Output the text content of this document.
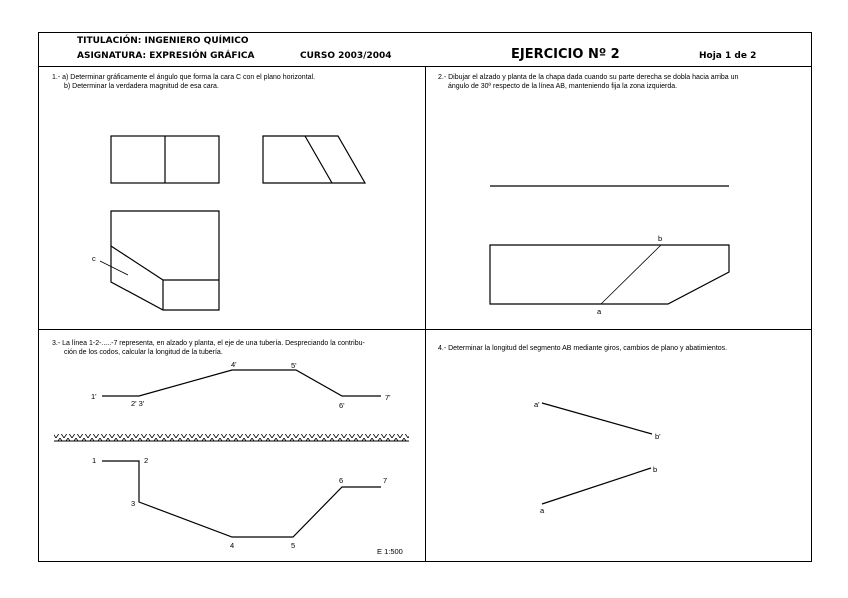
TITULACIÓN: INGENIERO QUÍMICO
ASIGNATURA: EXPRESIÓN GRÁFICA	CURSO 2003/2004	EJERCICIO Nº 2	Hoja 1 de 2
1.- a) Determinar gráficamente el ángulo que forma la cara C con el plano horizontal.
b) Determinar la verdadera magnitud de esa cara.
c
2.- Dibujar el alzado y planta de la chapa dada cuando su parte derecha se dobla hacia arriba un
ángulo de 30º respecto de la línea AB, manteniendo fija la zona izquierda.
b
a
3.- La línea 1-2-.....-7 representa, en alzado y planta, el eje de una tubería. Despreciando la contribu-
ción de los codos, calcular la longitud de la tubería.
1'
2' 3'
4'	5'
6'
7'
1	2
3
4	5
6	7
E 1:500
4.- Determinar la longitud del segmento AB mediante giros, cambios de plano y abatimientos.
a'
b'
b
a
